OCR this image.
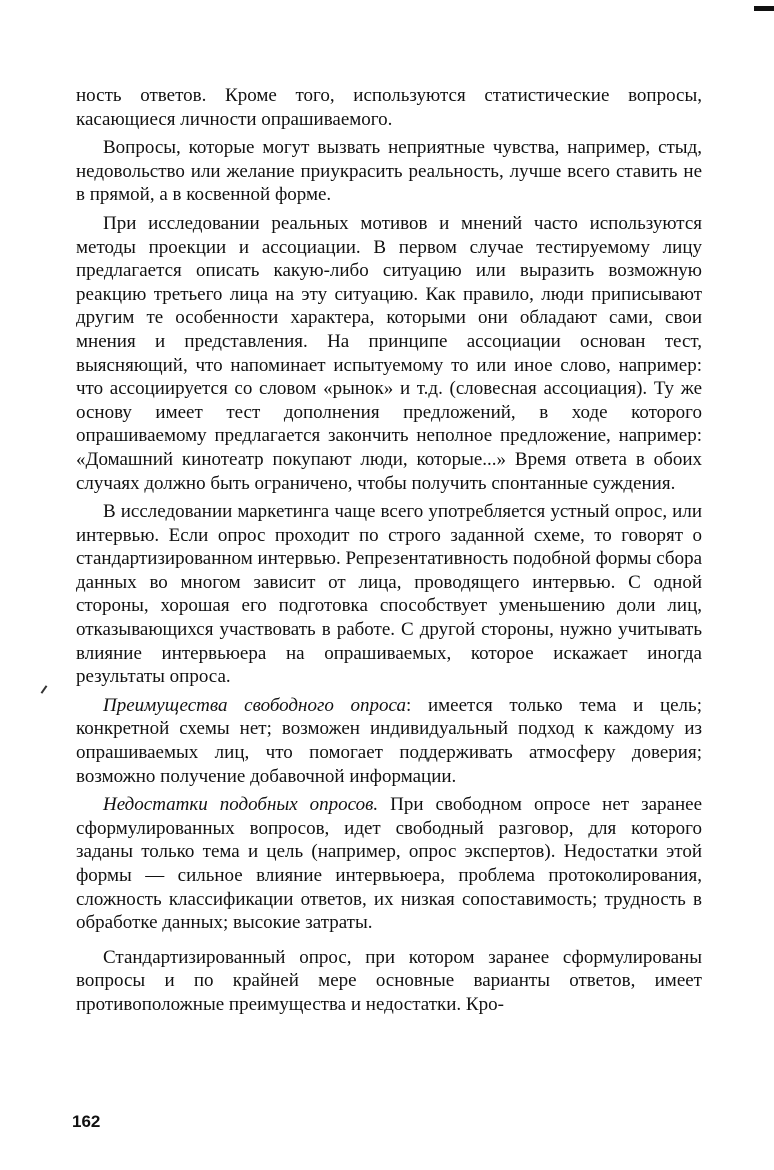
ность ответов. Кроме того, используются статистические вопросы, касающиеся личности опрашиваемого.

Вопросы, которые могут вызвать неприятные чувства, например, стыд, недовольство или желание приукрасить реальность, лучше всего ставить не в прямой, а в косвенной форме.

При исследовании реальных мотивов и мнений часто используются методы проекции и ассоциации. В первом случае тестируемому лицу предлагается описать какую-либо ситуацию или выразить возможную реакцию третьего лица на эту ситуацию. Как правило, люди приписывают другим те особенности характера, которыми они обладают сами, свои мнения и представления. На принципе ассоциации основан тест, выясняющий, что напоминает испытуемому то или иное слово, например: что ассоциируется со словом «рынок» и т.д. (словесная ассоциация). Ту же основу имеет тест дополнения предложений, в ходе которого опрашиваемому предлагается закончить неполное предложение, например: «Домашний кинотеатр покупают люди, которые...» Время ответа в обоих случаях должно быть ограничено, чтобы получить спонтанные суждения.

В исследовании маркетинга чаще всего употребляется устный опрос, или интервью. Если опрос проходит по строго заданной схеме, то говорят о стандартизированном интервью. Репрезентативность подобной формы сбора данных во многом зависит от лица, проводящего интервью. С одной стороны, хорошая его подготовка способствует уменьшению доли лиц, отказывающихся участвовать в работе. С другой стороны, нужно учитывать влияние интервьюера на опрашиваемых, которое искажает иногда результаты опроса.

Преимущества свободного опроса: имеется только тема и цель; конкретной схемы нет; возможен индивидуальный подход к каждому из опрашиваемых лиц, что помогает поддерживать атмосферу доверия; возможно получение добавочной информации.

Недостатки подобных опросов. При свободном опросе нет заранее сформулированных вопросов, идет свободный разговор, для которого заданы только тема и цель (например, опрос экспертов). Недостатки этой формы — сильное влияние интервьюера, проблема протоколирования, сложность классификации ответов, их низкая сопоставимость; трудность в обработке данных; высокие затраты.

Стандартизированный опрос, при котором заранее сформулированы вопросы и по крайней мере основные варианты ответов, имеет противоположные преимущества и недостатки. Кро-

162
